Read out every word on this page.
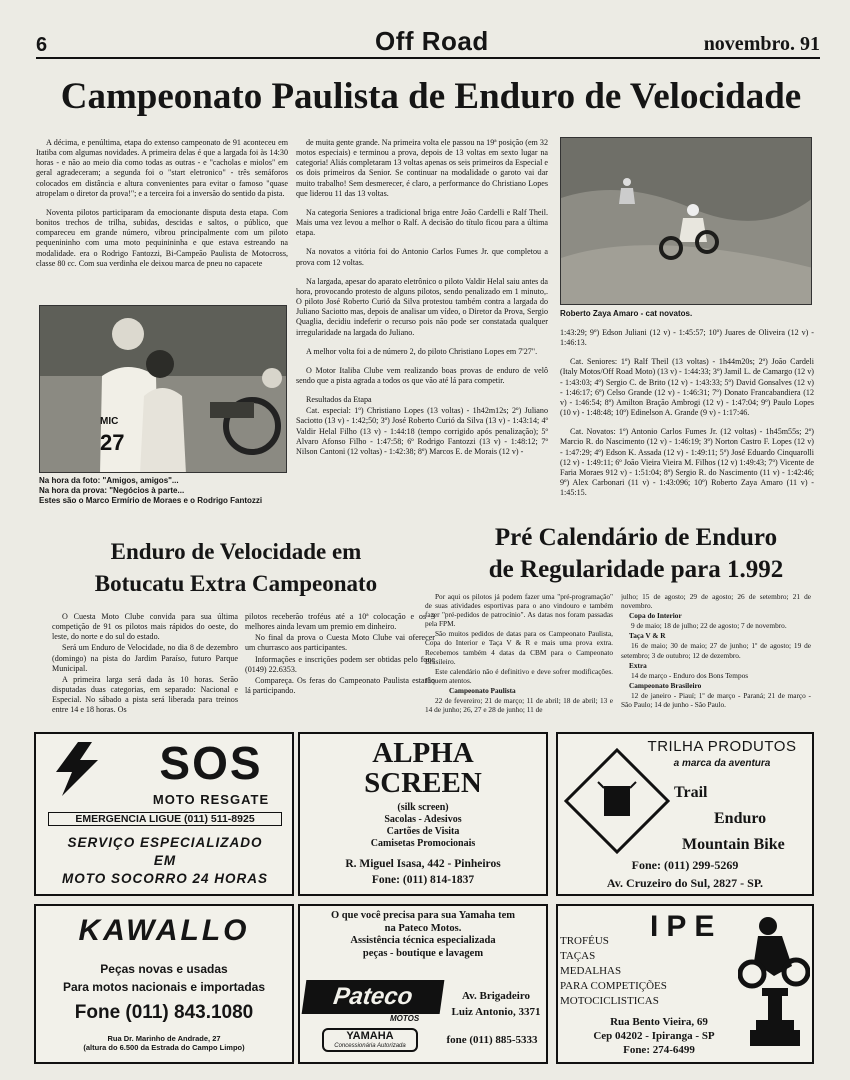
6	Off Road	novembro. 91
Campeonato Paulista de Enduro de Velocidade

A décima, e penúltima, etapa do extenso campeonato de 91 aconteceu em Itatiba com algumas novidades. A primeira delas é que a largada foi às 14:30 horas - e não ao meio dia como todas as outras - e "cacholas e miolos" em geral agradeceram; a segunda foi o "start eletronico" - três semáforos colocados em distância e altura convenientes para evitar o famoso "quase atropelam o diretor da prova!"; e a terceira foi a inversão do sentido da pista.

Noventa pilotos participaram da emocionante disputa desta etapa. Com bonitos trechos de trilha, subidas, descidas e saltos, o público, que compareceu em grande número, vibrou principalmente com um piloto pequenininho com uma moto pequinininha e que estava estreando na modalidade. era o Rodrigo Fantozzi, Bi-Campeão Paulista de Motocross, classe 80 cc. Com sua verdinha ele deixou marca de pneu no capacete

27
MIC
Na hora da foto: "Amigos, amigos"...
Na hora da prova: "Negócios à parte...
Estes são o Marco Ermírio de Moraes e o Rodrigo Fantozzi

de muita gente grande. Na primeira volta ele passou na 19ª posição (em 32 motos especiais) e terminou a prova, depois de 13 voltas em sexto lugar na categoria! Aliás completaram 13 voltas apenas os seis primeiros da Especial e os dois primeiros da Senior. Se continuar na modalidade o garoto vai dar muito trabalho! Sem desmerecer, é claro, a performance do Christiano Lopes que liderou 11 das 13 voltas.

Na categoria Seniores a tradicional briga entre João Cardelli e Ralf Theil. Mais uma vez levou a melhor o Ralf. A decisão do título ficou para a última etapa.

Na novatos a vitória foi do Antonio Carlos Fumes Jr. que completou a prova com 12 voltas.

Na largada, apesar do aparato eletrônico o piloto Valdir Helal saiu antes da hora, provocando protesto de alguns pilotos, sendo penalizado em 1 minuto,. O piloto José Roberto Curió da Silva protestou também contra a largada do Juliano Saciotto mas, depois de analisar um vídeo, o Diretor da Prova, Sergio Quaglia, decidiu indeferir o recurso pois não pode ser constatada qualquer irregularidade na largada do Juliano.

A melhor volta foi a de número 2, do piloto Christiano Lopes em 7'27".

O Motor Italiba Clube vem realizando boas provas de enduro de velô sendo que a pista agrada a todos os que vão até lá para competir.

Resultados da Etapa

Cat. especial: 1º) Christiano Lopes (13 voltas) - 1h42m12s; 2º) Juliano Saciotto (13 v) - 1:42;50; 3º) José Roberto Curió da Silva (13 v) - 1:43:14; 4º Valdir Helal Filho (13 v) - 1:44:18 (tempo corrigido após penalização); 5º Alvaro Afonso Filho - 1:47:58; 6º Rodrigo Fantozzi (13 v) - 1:48:12; 7º Nilson Cantoni (12 voltas) - 1:42:38; 8º) Marcos E. de Morais (12 v) -

Roberto Zaya Amaro - cat novatos.

1:43:29; 9º) Edson Juliani (12 v) - 1:45:57; 10º) Juares de Oliveira (12 v) - 1:46:13.

Cat. Seniores: 1º) Ralf Theil (13 voltas) - 1h44m20s; 2º) João Cardeli (Italy Motos/Off Road Moto) (13 v) - 1:44:33; 3º) Jamil L. de Camargo (12 v) - 1:43:03; 4º) Sergio C. de Brito (12 v) - 1:43:33; 5º) David Gonsalves (12 v) - 1:46:17; 6º) Celso Grande (12 v) - 1:46:31; 7º) Donato Francabandiera (12 v) - 1:46:54; 8º) Amilton Bração Ambrogi (12 v) - 1:47:04; 9º) Paulo Lopes (10 v) - 1:48:48; 10º) Edinelson A. Grande (9 v) - 1:17:46.

Cat. Novatos: 1º) Antonio Carlos Fumes Jr. (12 voltas) - 1h45m55s; 2º) Marcio R. do Nascimento (12 v) - 1:46:19; 3º) Norton Castro F. Lopes (12 v) - 1:47:29; 4º) Edson K. Assada (12 v) - 1:49:11; 5º) José Eduardo Cinquarolli (12 v) - 1:49:11; 6º João Vieira Vieira M. Filhos (12 v) 1:49:43; 7º) Vicente de Faria Moraes 912 v) - 1:51:04; 8º) Sergio R. do Nascimento (11 v) - 1:42:46; 9º) Alex Carbonari (11 v) - 1:43:096; 10º) Roberto Zaya Amaro (11 v) - 1:45:15.

Enduro de Velocidade em
Botucatu Extra Campeonato

O Cuesta Moto Clube convida para sua última competição de 91 os pilotos mais rápidos do oeste, do leste, do norte e do sul do estado.

Será um Enduro de Velocidade, no dia 8 de dezembro (domingo) na pista do Jardim Paraíso, futuro Parque Municipal.

A primeira larga será dada às 10 horas. Serão disputadas duas categorias, em separado: Nacional e Especial. No sábado a pista será liberada para treinos entre 14 e 18 horas. Os

pilotos receberão troféus até a 10ª colocação e os 3 melhores ainda levam um premio em dinheiro.

No final da prova o Cuesta Moto Clube vai oferecer um churrasco aos participantes.

Informações e inscrições podem ser obtidas pelo fone (0149) 22.6353.

Compareça. Os feras do Campeonato Paulista estarão lá participando.

Pré Calendário de Enduro
de Regularidade para 1.992

Por aqui os pilotos já podem fazer uma "pré-programação" de suas atividades esportivas para o ano vindouro e também fazer "pré-pedidos de patrocínio". As datas nos foram passadas pela FPM.

São muitos pedidos de datas para os Campeonato Paulista, Copa do Interior e Taça V & R e mais uma prova extra. Recebemos também 4 datas da CBM para o Campeonato Brasileiro.

Este calendário não é definitivo e deve sofrer modificações. Fiquem atentos.

Campeonato Paulista

22 de fevereiro; 21 de março; 11 de abril; 18 de abril; 13 e 14 de junho; 26, 27 e 28 de junho; 11 de

julho; 15 de agosto; 29 de agosto; 26 de setembro; 21 de novembro.

Copa do Interior

9 de maio; 18 de julho; 22 de agosto; 7 de novembro.

Taça V & R

16 de maio; 30 de maio; 27 de junho; 1º de agosto; 19 de setembro; 3 de outubro; 12 de dezembro.

Extra

14 de março - Enduro dos Bons Tempos

Campeonato Brasileiro

12 de janeiro - Piauí; 1º de março - Paraná; 21 de março - São Paulo; 14 de junho - São Paulo.

SOS
MOTO RESGATE
EMERGENCIA LIGUE (011) 511-8925
SERVIÇO ESPECIALIZADO
EM
MOTO SOCORRO 24 HORAS
ALPHA
SCREEN
(silk screen)
Sacolas - Adesivos
Cartões de Visita
Camisetas Promocionais
R. Miguel Isasa, 442 - Pinheiros
Fone: (011) 814-1837
TRILHA PRODUTOS
a marca da aventura
Trail
Enduro
Mountain Bike
Fone: (011) 299-5269
Av. Cruzeiro do Sul, 2827 - SP.
KAWALLO
Peças novas e usadas
Para motos nacionais e importadas
Fone (011) 843.1080
Rua Dr. Marinho de Andrade, 27
(altura do 6.500 da Estrada do Campo Limpo)
O que você precisa para sua Yamaha tem
na Pateco Motos.
Assistência técnica especializada
peças - boutique e lavagem
Pateco
MOTOS
YAMAHA
Concessionária Autorizada
Av. Brigadeiro
Luiz Antonio, 3371
fone (011) 885-5333
IPE
TROFÉUS
TAÇAS
MEDALHAS
PARA COMPETIÇÕES
MOTOCICLISTICAS
Rua Bento Vieira, 69
Cep 04202 - Ipiranga - SP
Fone: 274-6499
